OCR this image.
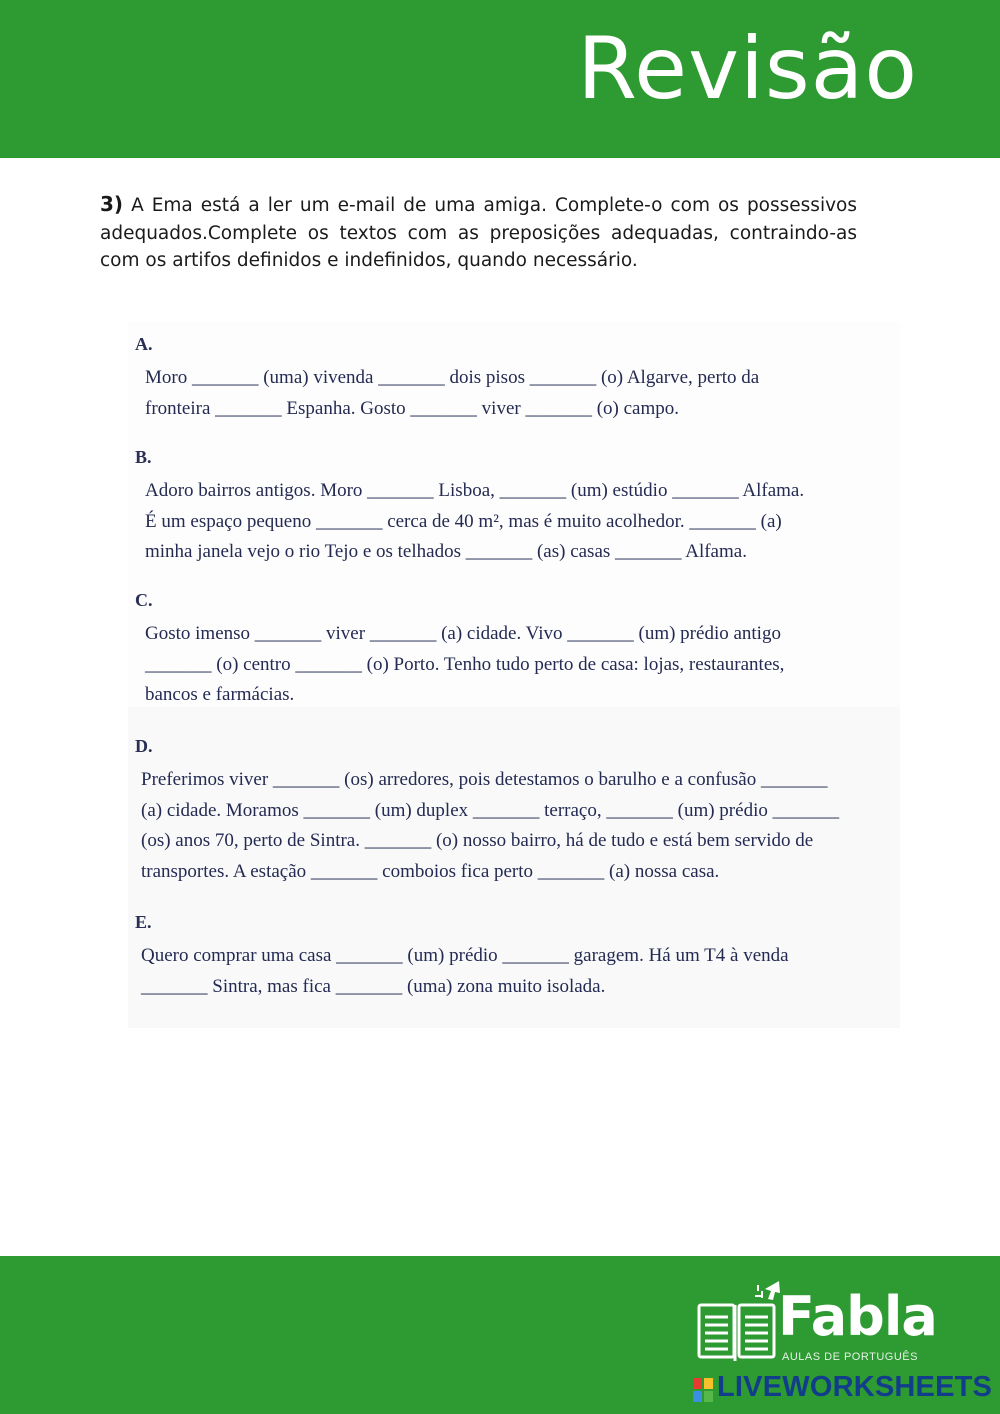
Revisão
3) A Ema está a ler um e-mail de uma amiga. Complete-o com os possessivos adequados.Complete os textos com as preposições adequadas, contraindo-as com os artifos definidos e indefinidos, quando necessário.
A.
Moro _______ (uma) vivenda _______ dois pisos _______ (o) Algarve, perto da
fronteira _______ Espanha. Gosto _______ viver _______ (o) campo.
B.
Adoro bairros antigos. Moro _______ Lisboa, _______ (um) estúdio _______ Alfama.
É um espaço pequeno _______ cerca de 40 m², mas é muito acolhedor. _______ (a)
minha janela vejo o rio Tejo e os telhados _______ (as) casas _______ Alfama.
C.
Gosto imenso _______ viver _______ (a) cidade. Vivo _______ (um) prédio antigo
_______ (o) centro _______ (o) Porto. Tenho tudo perto de casa: lojas, restaurantes,
bancos e farmácias.
D.
Preferimos viver _______ (os) arredores, pois detestamos o barulho e a confusão _______
(a) cidade. Moramos _______ (um) duplex _______ terraço, _______ (um) prédio _______
(os) anos 70, perto de Sintra. _______ (o) nosso bairro, há de tudo e está bem servido de
transportes. A estação _______ comboios fica perto _______ (a) nossa casa.
E.
Quero comprar uma casa _______ (um) prédio _______ garagem. Há um T4 à venda
_______ Sintra, mas fica _______ (uma) zona muito isolada.
Fabla
AULAS DE PORTUGUÊS
LIVEWORKSHEETS
